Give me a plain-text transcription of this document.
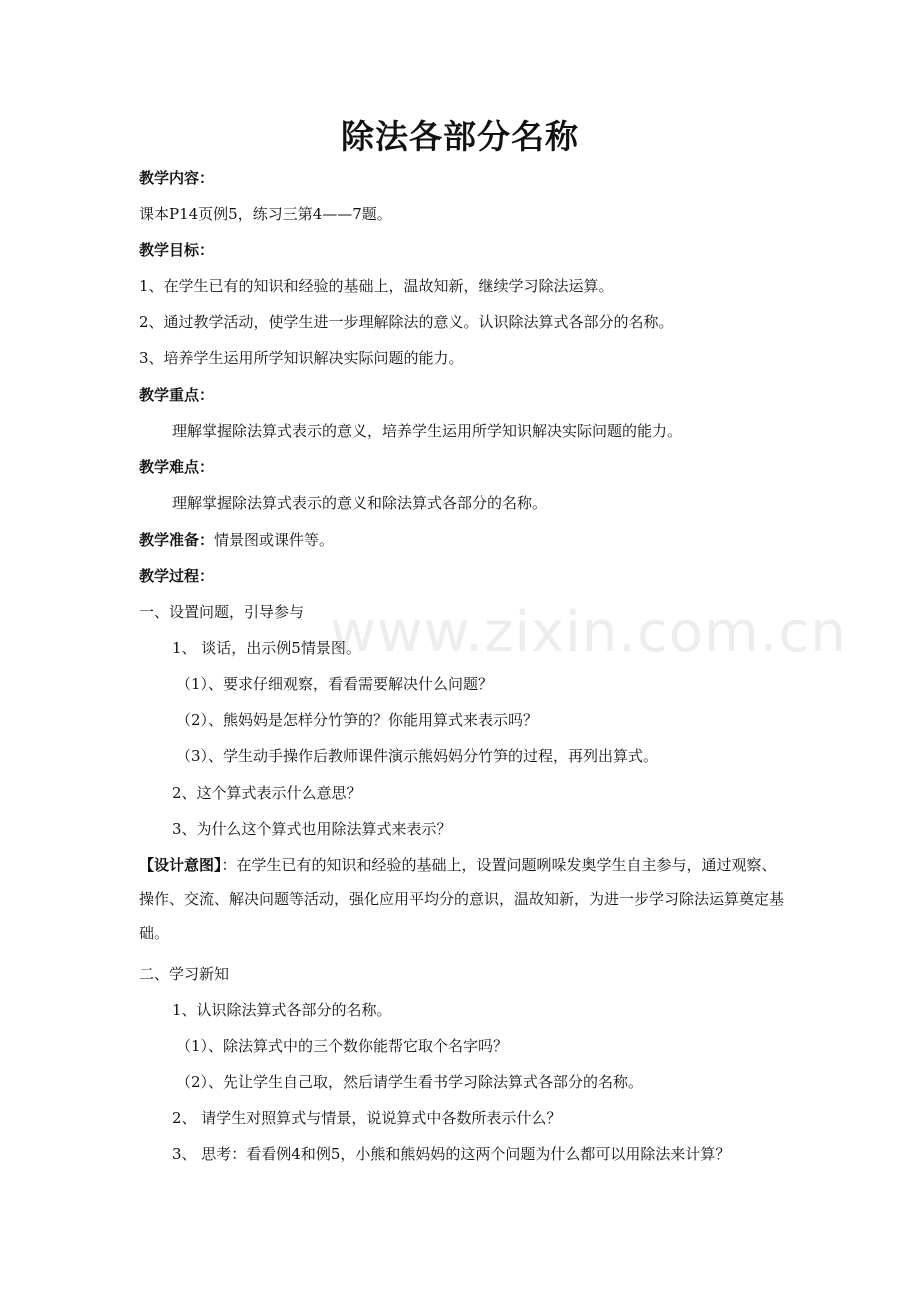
除法各部分名称
教学内容：
课本P14页例5，练习三第4——7题。
教学目标：
1、在学生已有的知识和经验的基础上，温故知新，继续学习除法运算。
2、通过教学活动，使学生进一步理解除法的意义。认识除法算式各部分的名称。
3、培养学生运用所学知识解决实际问题的能力。
教学重点：
理解掌握除法算式表示的意义，培养学生运用所学知识解决实际问题的能力。
教学难点：
理解掌握除法算式表示的意义和除法算式各部分的名称。
教学准备：情景图或课件等。
教学过程：
一、设置问题，引导参与
1、 谈话，出示例5情景图。
（1）、要求仔细观察，看看需要解决什么问题？
（2）、熊妈妈是怎样分竹笋的？你能用算式来表示吗？
（3）、学生动手操作后教师课件演示熊妈妈分竹笋的过程，再列出算式。
2、这个算式表示什么意思？
3、为什么这个算式也用除法算式来表示？
【设计意图】：在学生已有的知识和经验的基础上，设置问题咧哚发奥学生自主参与，通过观察、操作、交流、解决问题等活动，强化应用平均分的意识，温故知新，为进一步学习除法运算奠定基础。
二、学习新知
1、认识除法算式各部分的名称。
（1）、除法算式中的三个数你能帮它取个名字吗？
（2）、先让学生自己取，然后请学生看书学习除法算式各部分的名称。
2、 请学生对照算式与情景，说说算式中各数所表示什么？
3、 思考：看看例4和例5，小熊和熊妈妈的这两个问题为什么都可以用除法来计算？
www.zixin.com.cn
